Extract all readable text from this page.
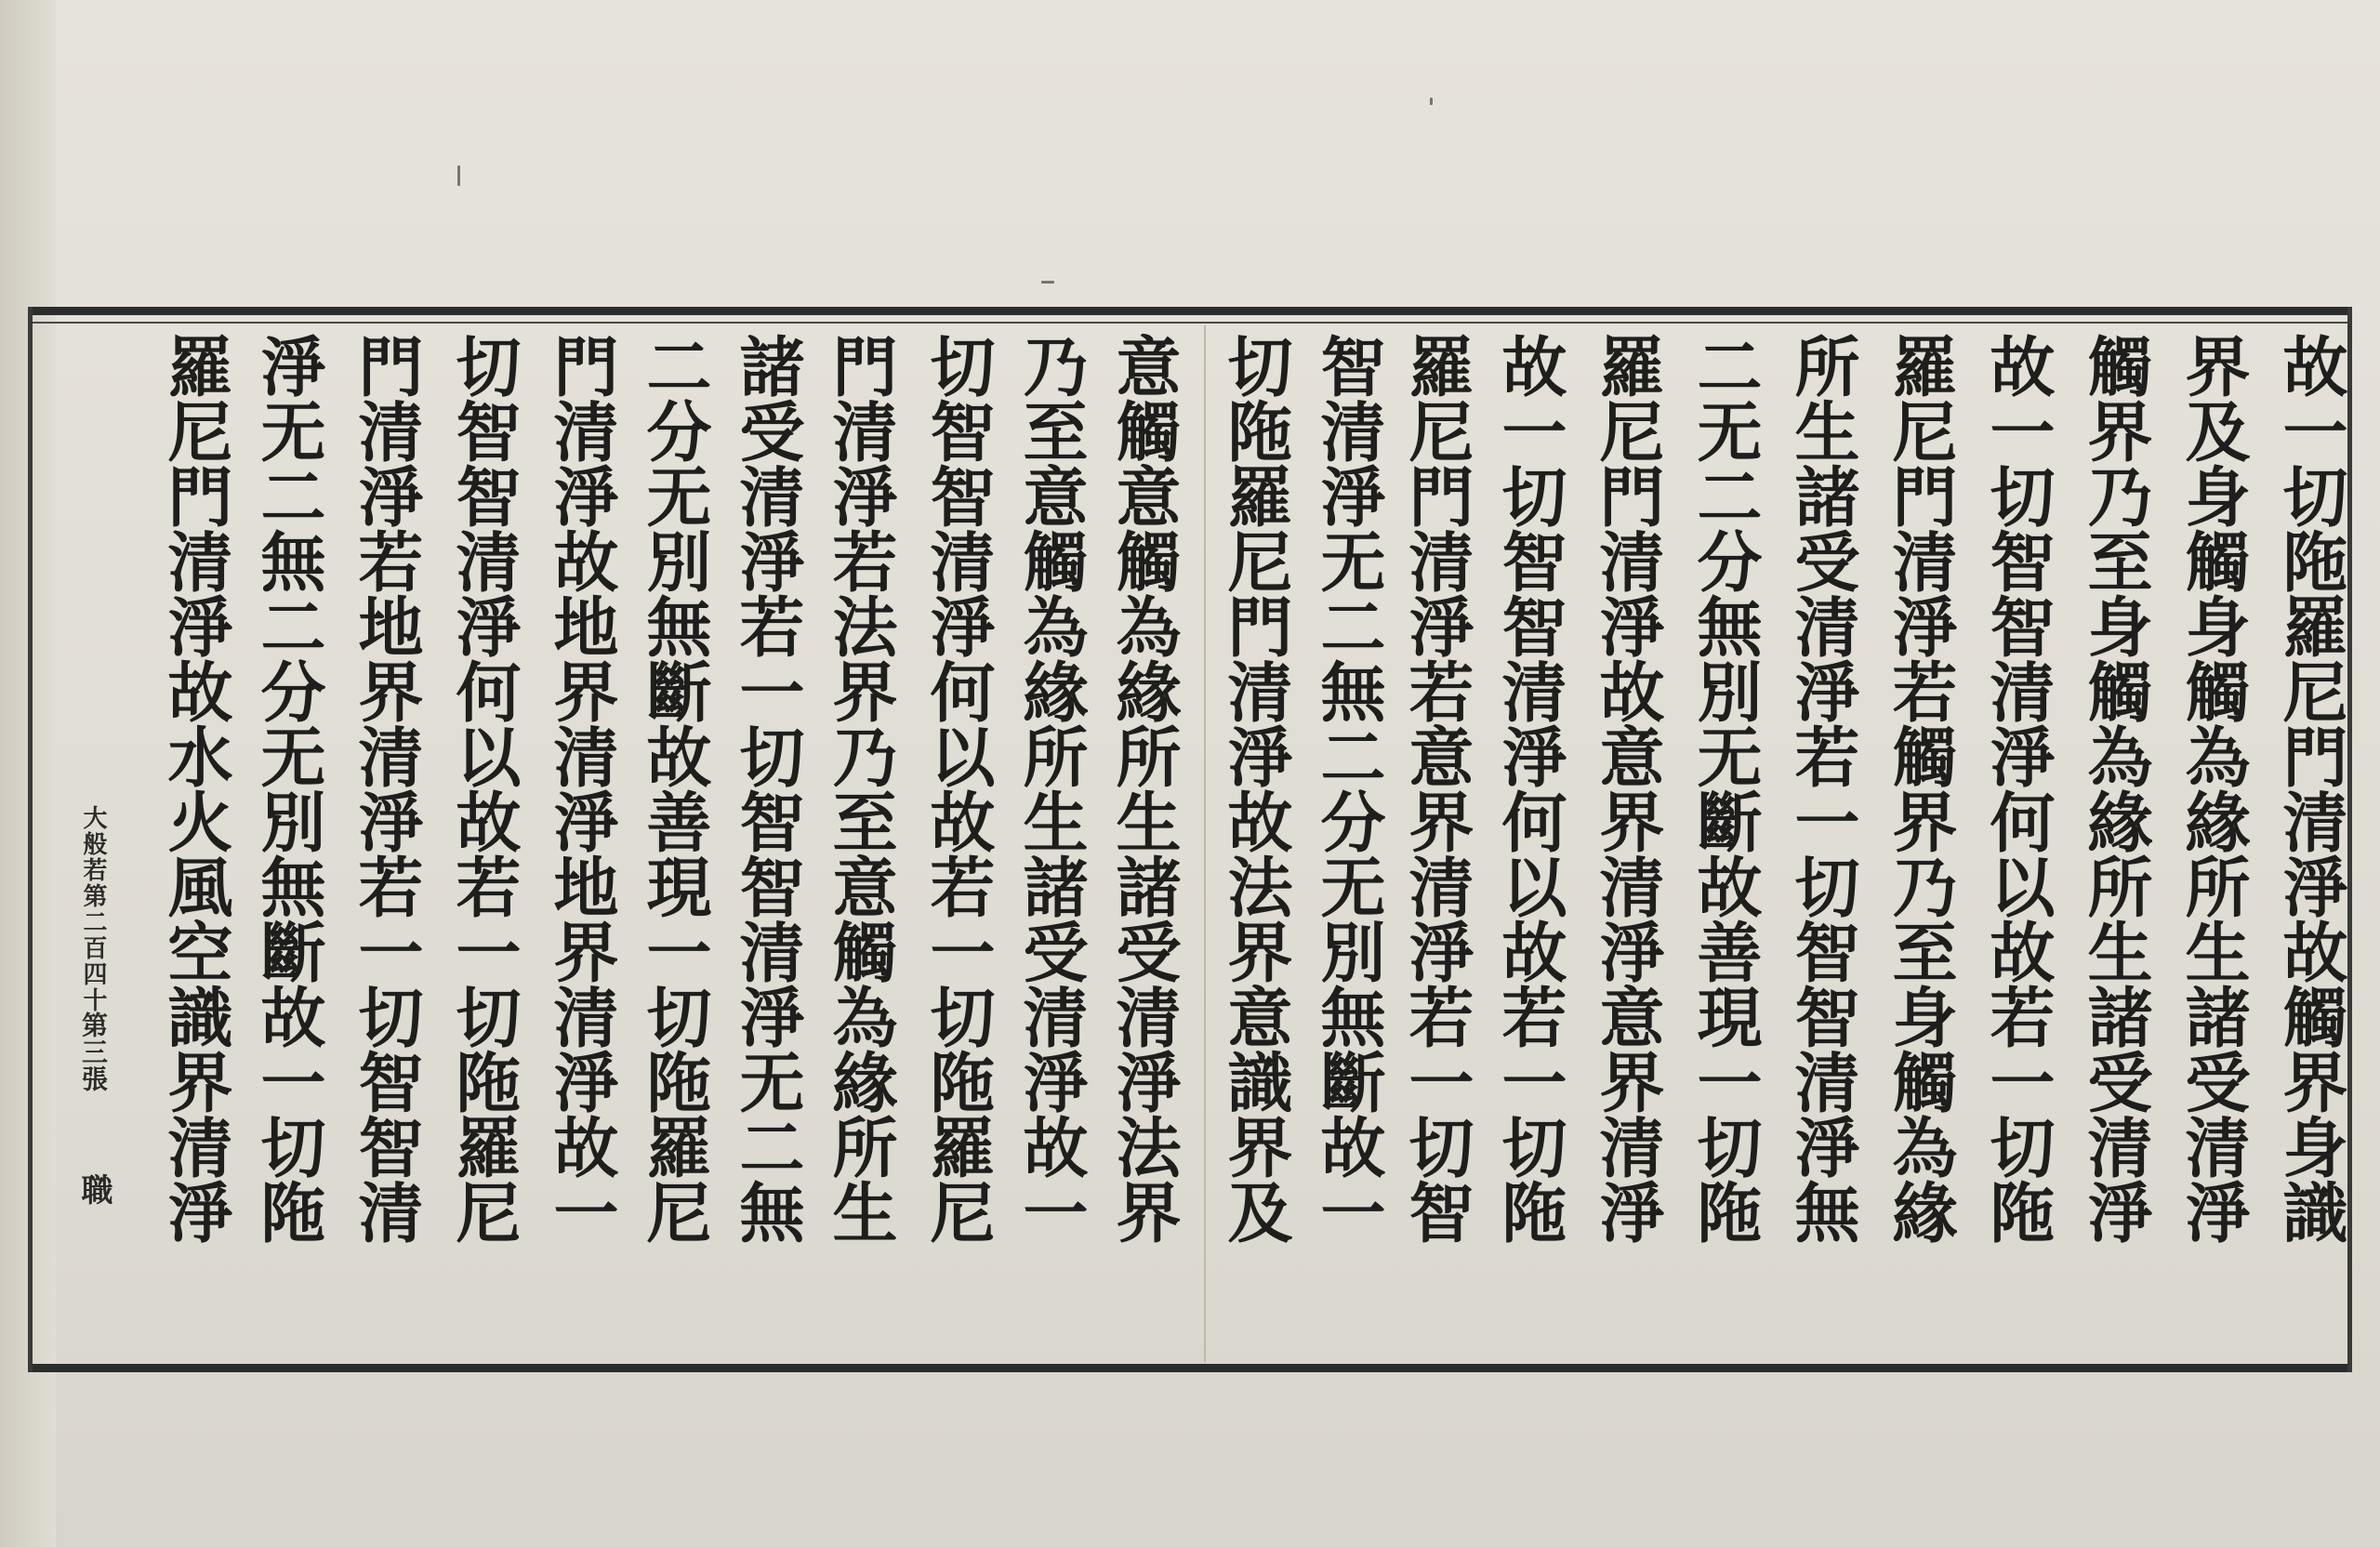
故一切陁羅尼門清淨故觸界身識
界及身觸身觸為緣所生諸受清淨
觸界乃至身觸為緣所生諸受清淨
故一切智智清淨何以故若一切陁
羅尼門清淨若觸界乃至身觸為緣
所生諸受清淨若一切智智清淨無
二无二分無別无斷故善現一切陁
羅尼門清淨故意界清淨意界清淨
故一切智智清淨何以故若一切陁
羅尼門清淨若意界清淨若一切智
智清淨无二無二分无別無斷故一
切陁羅尼門清淨故法界意識界及
意觸意觸為緣所生諸受清淨法界
乃至意觸為緣所生諸受清淨故一
切智智清淨何以故若一切陁羅尼
門清淨若法界乃至意觸為緣所生
諸受清淨若一切智智清淨无二無
二分无別無斷故善現一切陁羅尼
門清淨故地界清淨地界清淨故一
切智智清淨何以故若一切陁羅尼
門清淨若地界清淨若一切智智清
淨无二無二分无別無斷故一切陁
羅尼門清淨故水火風空識界清淨
大般若第二百四十
第三張
職
